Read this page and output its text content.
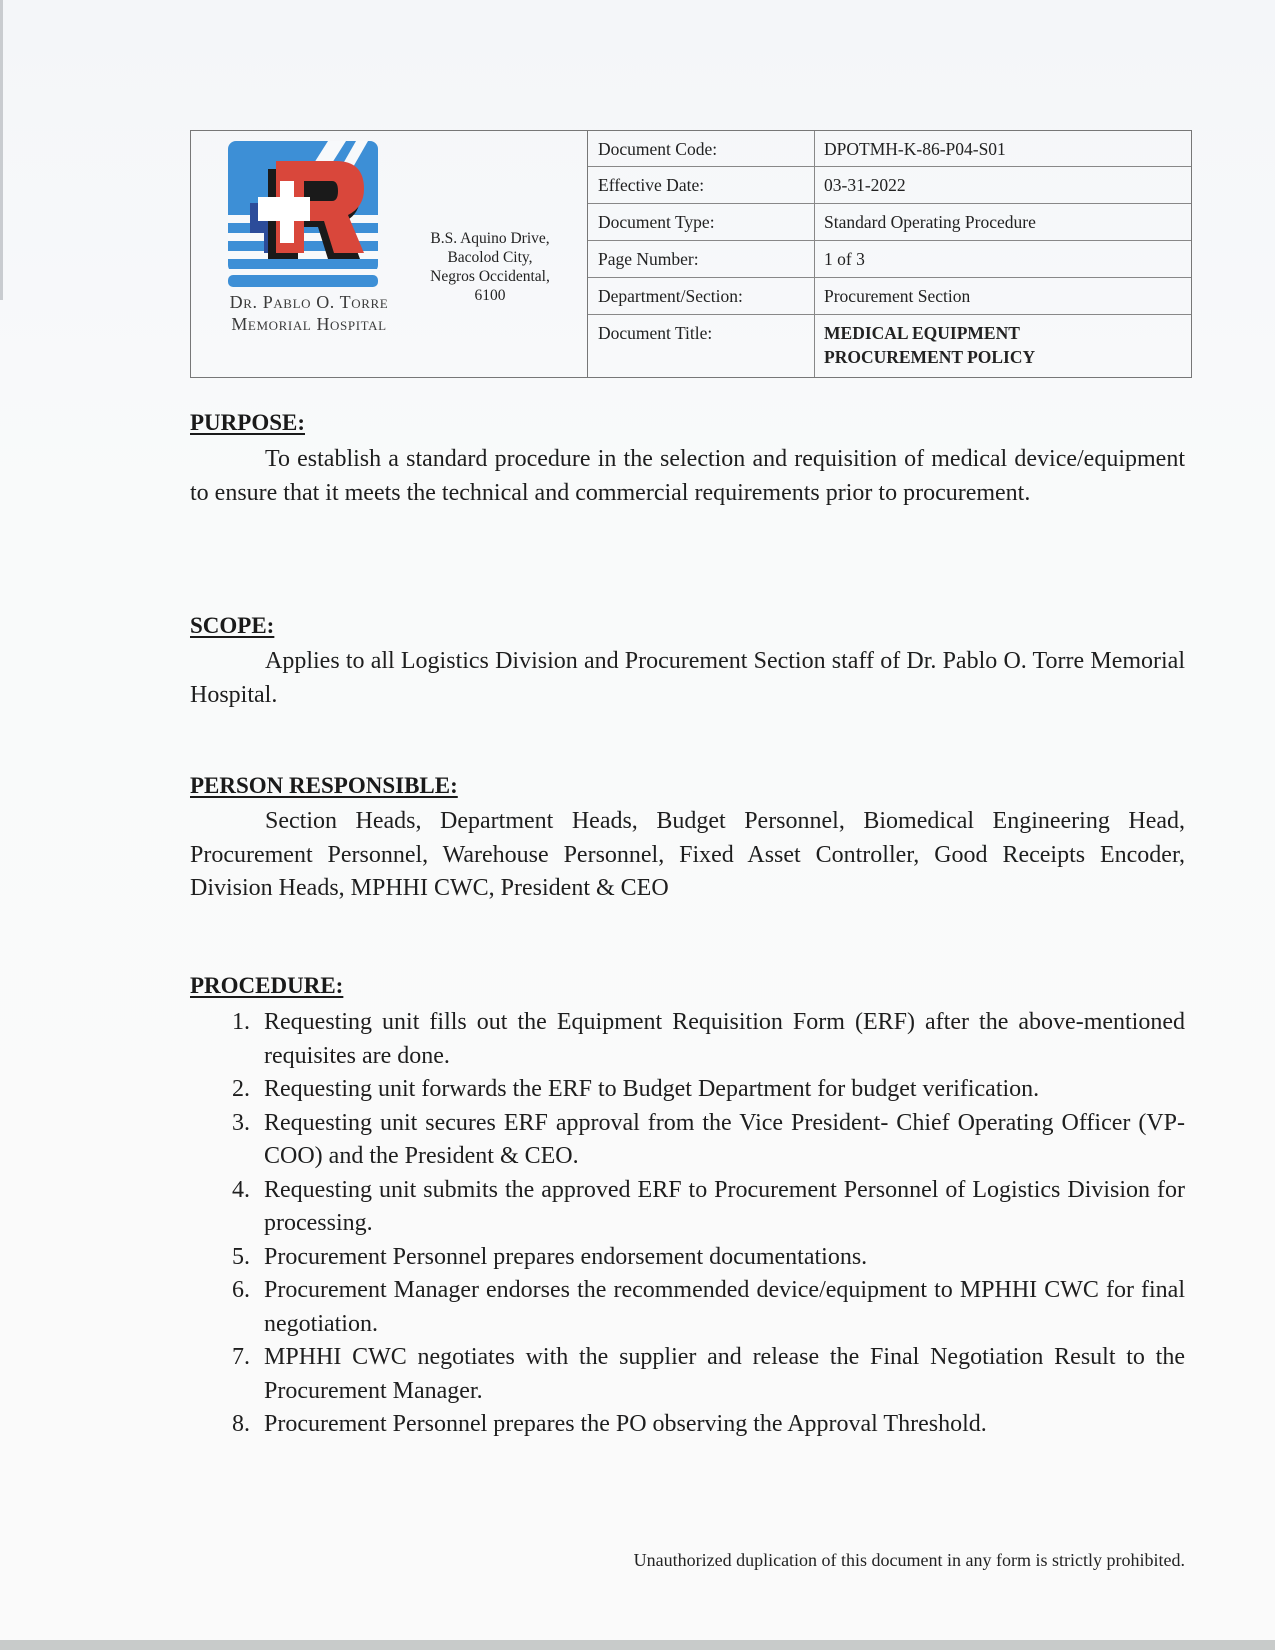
Dr. Pablo O. Torre
Memorial Hospital
B.S. Aquino Drive,
Bacolod City,
Negros Occidental,
6100
Document Code:	DPOTMH-K-86-P04-S01
Effective Date:	03-31-2022
Document Type:	Standard Operating Procedure
Page Number:	1 of 3
Department/Section:	Procurement Section
Document Title:	MEDICAL EQUIPMENT
PROCUREMENT POLICY
PURPOSE:
To establish a standard procedure in the selection and requisition of medical device/equipment to ensure that it meets the technical and commercial requirements prior to procurement.
SCOPE:
Applies to all Logistics Division and Procurement Section staff of Dr. Pablo O. Torre Memorial Hospital.
PERSON RESPONSIBLE:
Section Heads, Department Heads, Budget Personnel, Biomedical Engineering Head, Procurement Personnel, Warehouse Personnel, Fixed Asset Controller, Good Receipts Encoder, Division Heads, MPHHI CWC, President & CEO
PROCEDURE:
1. Requesting unit fills out the Equipment Requisition Form (ERF) after the above-mentioned requisites are done.
2. Requesting unit forwards the ERF to Budget Department for budget verification.
3. Requesting unit secures ERF approval from the Vice President- Chief Operating Officer (VP-COO) and the President & CEO.
4. Requesting unit submits the approved ERF to Procurement Personnel of Logistics Division for processing.
5. Procurement Personnel prepares endorsement documentations.
6. Procurement Manager endorses the recommended device/equipment to MPHHI CWC for final negotiation.
7. MPHHI CWC negotiates with the supplier and release the Final Negotiation Result to the Procurement Manager.
8. Procurement Personnel prepares the PO observing the Approval Threshold.
Unauthorized duplication of this document in any form is strictly prohibited.
